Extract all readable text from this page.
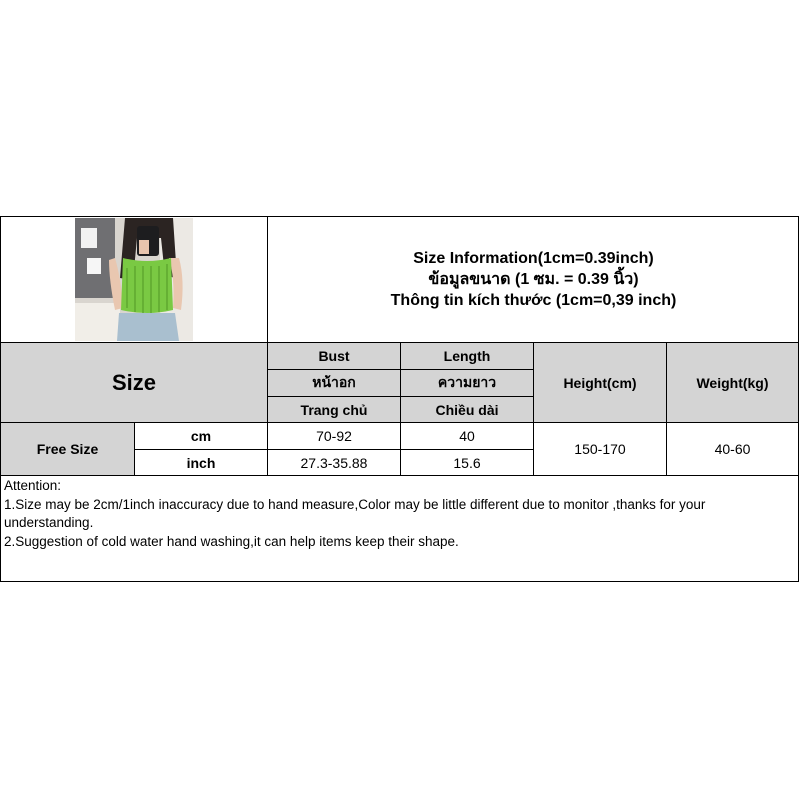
Size Information(1cm=0.39inch)
ข้อมูลขนาด (1 ซม. = 0.39 นิ้ว)
Thông tin kích thước (1cm=0,39 inch)
Size
Bust
หน้าอก
Trang chủ
Length
ความยาว
Chiều dài
Height(cm)	Weight(kg)
Free Size
cm
inch
70-92
27.3-35.88
40
15.6
150-170	40-60
Attention:
1.Size may be 2cm/1inch inaccuracy due to hand measure,Color may be little different due to monitor ,thanks for your understanding.
2.Suggestion of cold water hand washing,it can help items keep their shape.
